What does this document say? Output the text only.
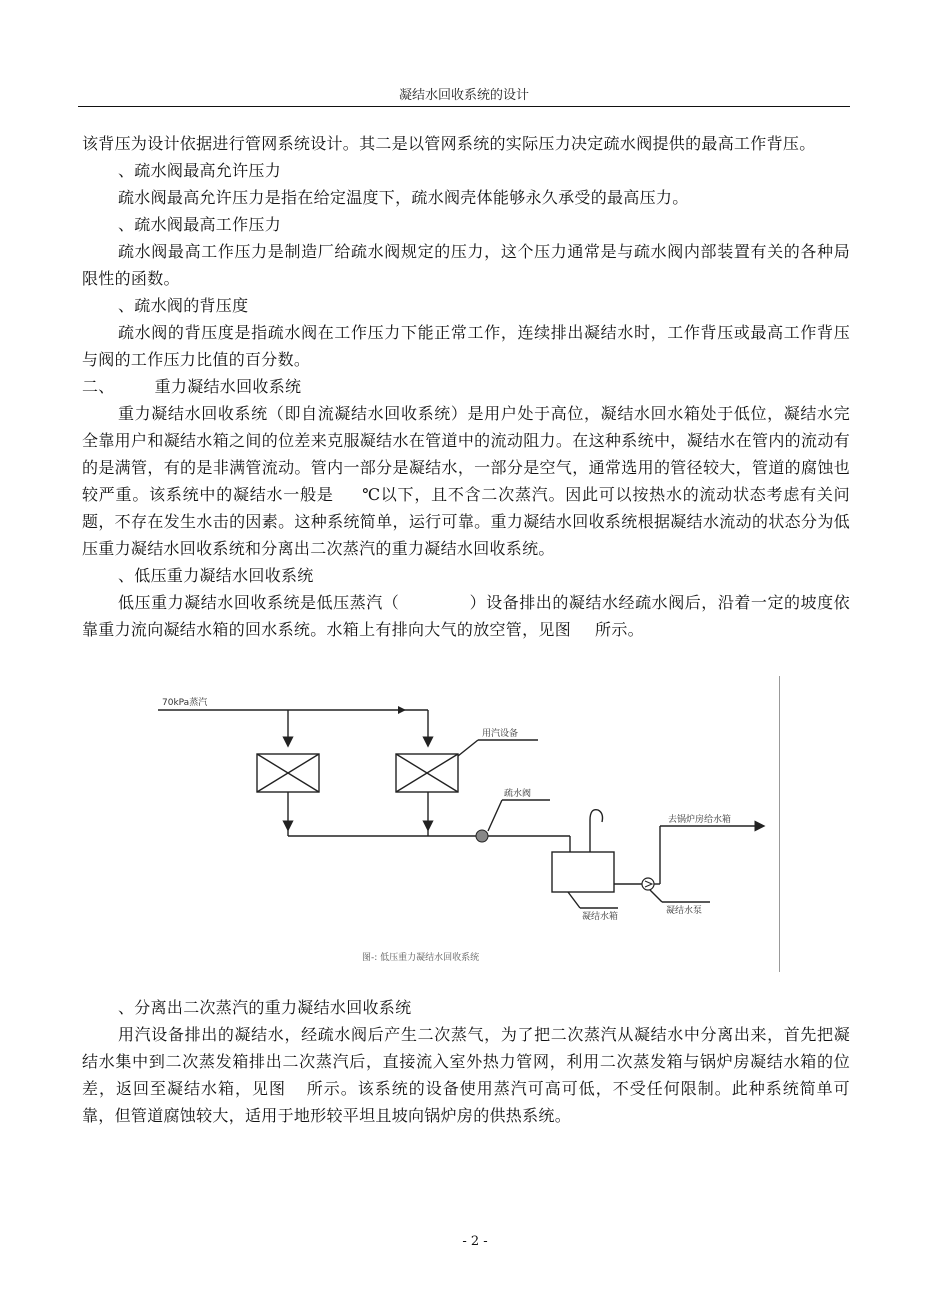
凝结水回收系统的设计

该背压为设计依据进行管网系统设计。其二是以管网系统的实际压力决定疏水阀提供的最高工作背压。

、疏水阀最高允许压力

疏水阀最高允许压力是指在给定温度下，疏水阀壳体能够永久承受的最高压力。

、疏水阀最高工作压力

疏水阀最高工作压力是制造厂给疏水阀规定的压力，这个压力通常是与疏水阀内部装置有关的各种局限性的函数。

、疏水阀的背压度

疏水阀的背压度是指疏水阀在工作压力下能正常工作，连续排出凝结水时，工作背压或最高工作背压与阀的工作压力比值的百分数。

二、	重力凝结水回收系统

重力凝结水回收系统（即自流凝结水回收系统）是用户处于高位，凝结水回水箱处于低位，凝结水完全靠用户和凝结水箱之间的位差来克服凝结水在管道中的流动阻力。在这种系统中，凝结水在管内的流动有的是满管，有的是非满管流动。管内一部分是凝结水，一部分是空气，通常选用的管径较大，管道的腐蚀也较严重。该系统中的凝结水一般是 ℃以下，且不含二次蒸汽。因此可以按热水的流动状态考虑有关问题，不存在发生水击的因素。这种系统简单，运行可靠。重力凝结水回收系统根据凝结水流动的状态分为低压重力凝结水回收系统和分离出二次蒸汽的重力凝结水回收系统。

、低压重力凝结水回收系统

低压重力凝结水回收系统是低压蒸汽（	）设备排出的凝结水经疏水阀后，沿着一定的坡度依靠重力流向凝结水箱的回水系统。水箱上有排向大气的放空管，见图 所示。

70kPa蒸汽
用汽设备
疏水阀
去锅炉房给水箱
凝结水箱
凝结水泵
图-: 低压重力凝结水回收系统

、分离出二次蒸汽的重力凝结水回收系统

用汽设备排出的凝结水，经疏水阀后产生二次蒸气，为了把二次蒸汽从凝结水中分离出来，首先把凝结水集中到二次蒸发箱排出二次蒸汽后，直接流入室外热力管网，利用二次蒸发箱与锅炉房凝结水箱的位差，返回至凝结水箱，见图 所示。该系统的设备使用蒸汽可高可低，不受任何限制。此种系统简单可靠，但管道腐蚀较大，适用于地形较平坦且坡向锅炉房的供热系统。

- 2 -
